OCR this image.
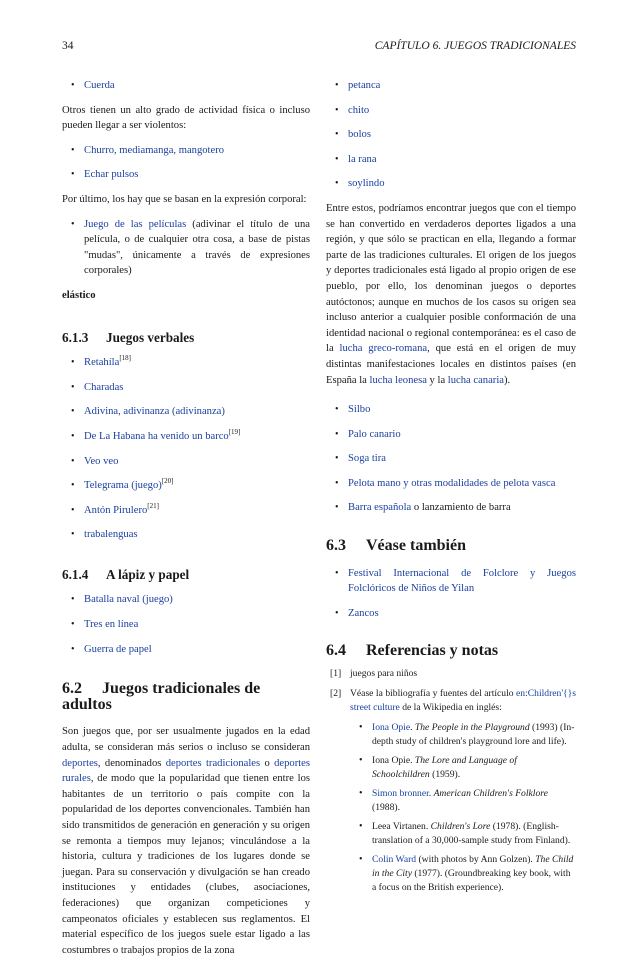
34	CAPÍTULO 6. JUEGOS TRADICIONALES
• Cuerda

Otros tienen un alto grado de actividad física o incluso pueden llegar a ser violentos:

• Churro, mediamanga, mangotero
• Echar pulsos

Por último, los hay que se basan en la expresión corporal:

• Juego de las películas (adivinar el título de una película, o de cualquier otra cosa, a base de pistas "mudas", únicamente a través de expresiones corporales)

elástico

6.1.3 Juegos verbales
• Retahíla[18]
• Charadas
• Adivina, adivinanza (adivinanza)
• De La Habana ha venido un barco[19]
• Veo veo
• Telegrama (juego)[20]
• Antón Pirulero[21]
• trabalenguas
6.1.4 A lápiz y papel
• Batalla naval (juego)
• Tres en línea
• Guerra de papel
6.2 Juegos tradicionales de adultos

Son juegos que, por ser usualmente jugados en la edad adulta, se consideran más serios o incluso se consideran deportes, denominados deportes tradicionales o deportes rurales, de modo que la popularidad que tienen entre los habitantes de un territorio o país compite con la popularidad de los deportes convencionales. También han sido transmitidos de generación en generación y su origen se remonta a tiempos muy lejanos; vinculándose a la historia, cultura y tradiciones de los lugares donde se juegan. Para su conservación y divulgación se han creado instituciones y entidades (clubes, asociaciones, federaciones) que organizan competiciones y campeonatos oficiales y establecen sus reglamentos. El material específico de los juegos suele estar ligado a las costumbres o trabajos propios de la zona

• petanca
• chito
• bolos
• la rana
• soylindo

Entre estos, podríamos encontrar juegos que con el tiempo se han convertido en verdaderos deportes ligados a una región, y que sólo se practican en ella, llegando a formar parte de las tradiciones culturales. El origen de los juegos y deportes tradicionales está ligado al propio origen de ese pueblo, por ello, los denominan juegos o deportes autóctonos; aunque en muchos de los casos su origen sea incluso anterior a cualquier posible conformación de una identidad nacional o regional contemporánea: es el caso de la lucha greco-romana, que está en el origen de muy distintas manifestaciones locales en distintos países (en España la lucha leonesa y la lucha canaria).

• Silbo
• Palo canario
• Soga tira
• Pelota mano y otras modalidades de pelota vasca
• Barra española o lanzamiento de barra
6.3 Véase también
• Festival Internacional de Folclore y Juegos Folclóricos de Niños de Yilan
• Zancos
6.4 Referencias y notas
[1] juegos para niños
[2] Véase la bibliografía y fuentes del artículo en:Children'{}s street culture de la Wikipedia en inglés:
• Iona Opie. The People in the Playground (1993) (In-depth study of children's playground lore and life).
• Iona Opie. The Lore and Language of Schoolchildren (1959).
• Simon bronner. American Children's Folklore (1988).
• Leea Virtanen. Children's Lore (1978). (English-translation of a 30,000-sample study from Finland).
• Colin Ward (with photos by Ann Golzen). The Child in the City (1977). (Groundbreaking key book, with a focus on the British experience).
